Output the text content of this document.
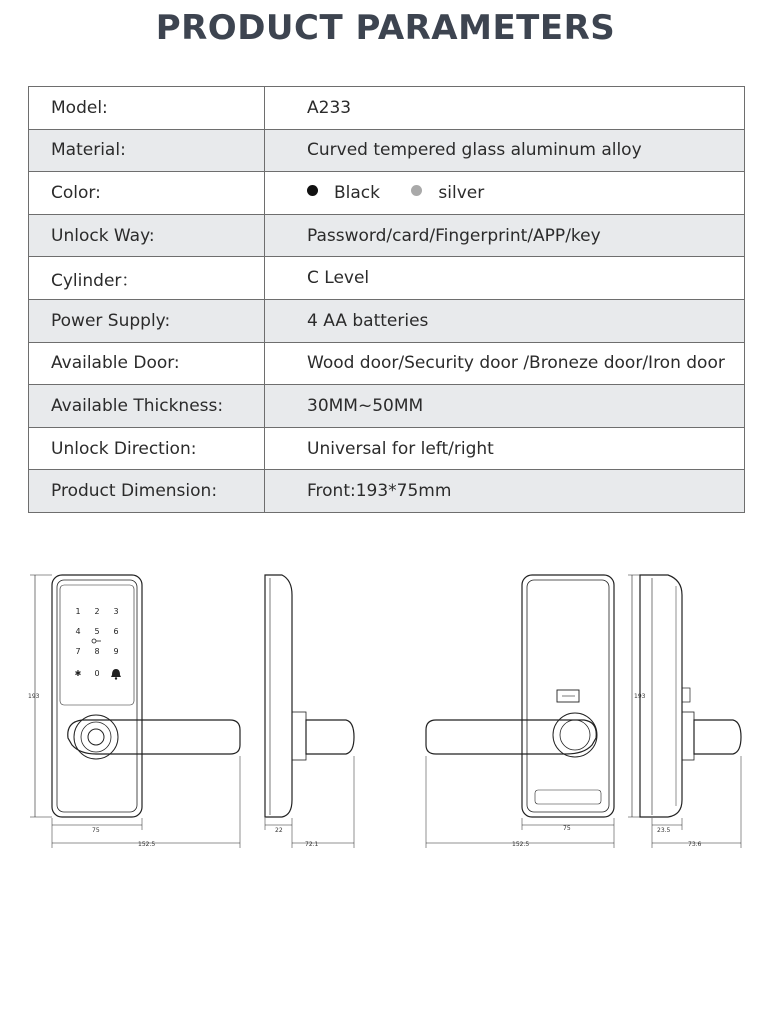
PRODUCT PARAMETERS
Model:	A233
Material:	Curved tempered glass aluminum alloy
Color:	Black silver
Unlock Way:	Password/card/Fingerprint/APP/key
Cylinder：	C Level
Power Supply:	4 AA batteries
Available Door:	Wood door/Security door /Broneze door/Iron door
Available Thickness:	30MM~50MM
Unlock Direction:	Universal for left/right
Product Dimension:	Front:193*75mm
1 2 3
4 5 6
7 8 9
✱ 0
193
75
152.5
22
72.1
75
152.5
193
23.5
73.6
